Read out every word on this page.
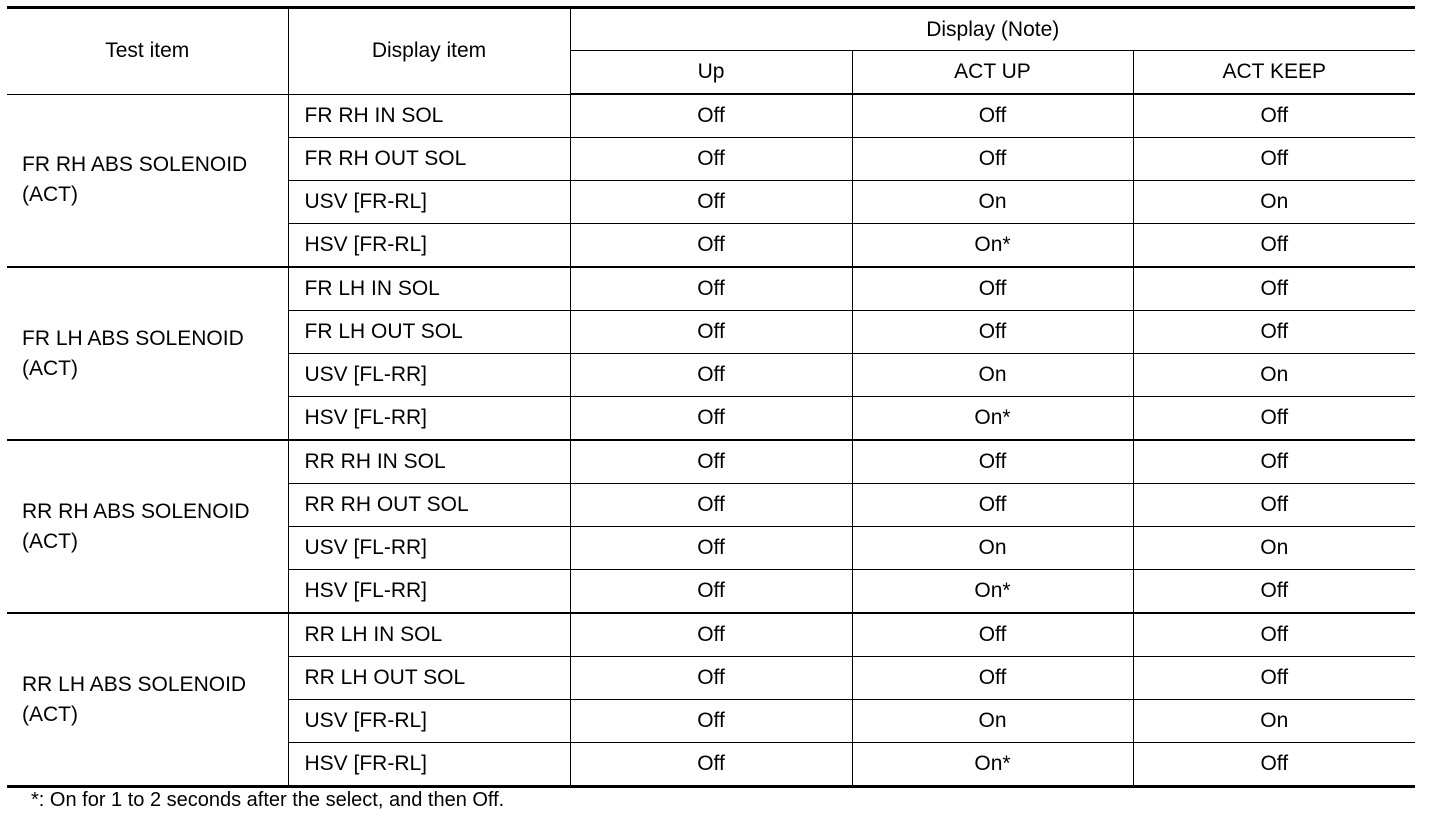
Test item	Display item	Display (Note)		
		Up	ACT UP	ACT KEEP
FR RH ABS SOLENOID (ACT)	FR RH IN SOL	Off	Off	Off
	FR RH OUT SOL	Off	Off	Off
	USV [FR-RL]	Off	On	On
	HSV [FR-RL]	Off	On*	Off
FR LH ABS SOLENOID (ACT)	FR LH IN SOL	Off	Off	Off
	FR LH OUT SOL	Off	Off	Off
	USV [FL-RR]	Off	On	On
	HSV [FL-RR]	Off	On*	Off
RR RH ABS SOLENOID (ACT)	RR RH IN SOL	Off	Off	Off
	RR RH OUT SOL	Off	Off	Off
	USV [FL-RR]	Off	On	On
	HSV [FL-RR]	Off	On*	Off
RR LH ABS SOLENOID (ACT)	RR LH IN SOL	Off	Off	Off
	RR LH OUT SOL	Off	Off	Off
	USV [FR-RL]	Off	On	On
	HSV [FR-RL]	Off	On*	Off
*: On for 1 to 2 seconds after the select, and then Off.
